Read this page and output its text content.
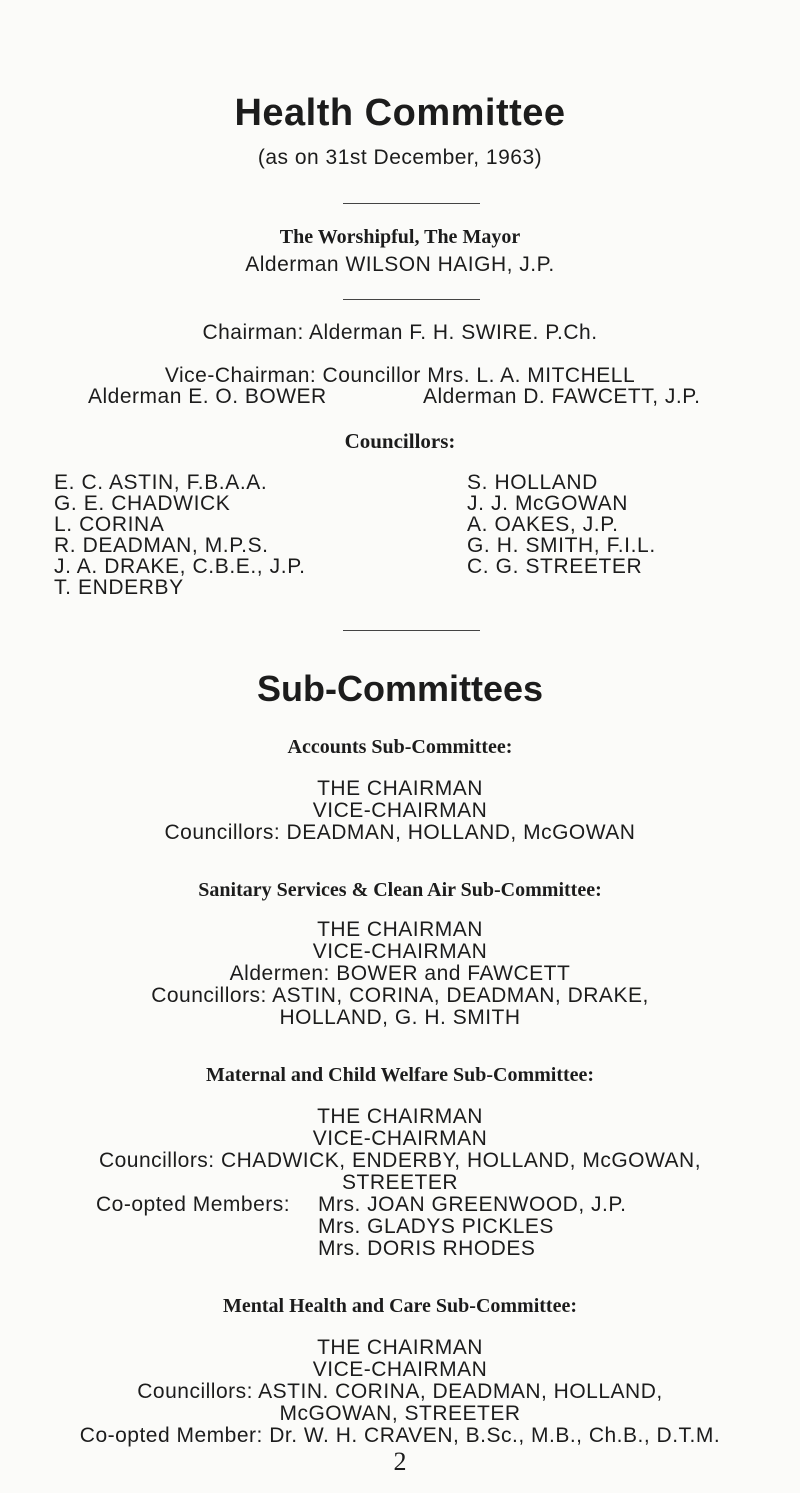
Health Committee
(as on 31st December, 1963)
The Worshipful, The Mayor
Alderman WILSON HAIGH, J.P.
Chairman: Alderman F. H. SWIRE. P.Ch.
Vice-Chairman: Councillor Mrs. L. A. MITCHELL
Alderman E. O. BOWER	Alderman D. FAWCETT, J.P.
Councillors:
E. C. ASTIN, F.B.A.A.
G. E. CHADWICK
L. CORINA
R. DEADMAN, M.P.S.
J. A. DRAKE, C.B.E., J.P.
T. ENDERBY
S. HOLLAND
J. J. McGOWAN
A. OAKES, J.P.
G. H. SMITH, F.I.L.
C. G. STREETER
Sub-Committees
Accounts Sub-Committee:
THE CHAIRMAN
VICE-CHAIRMAN
Councillors: DEADMAN, HOLLAND, McGOWAN
Sanitary Services & Clean Air Sub-Committee:
THE CHAIRMAN
VICE-CHAIRMAN
Aldermen: BOWER and FAWCETT
Councillors: ASTIN, CORINA, DEADMAN, DRAKE,
HOLLAND, G. H. SMITH
Maternal and Child Welfare Sub-Committee:
THE CHAIRMAN
VICE-CHAIRMAN
Councillors: CHADWICK, ENDERBY, HOLLAND, McGOWAN,
STREETER
Co-opted Members: Mrs. JOAN GREENWOOD, J.P.
Mrs. GLADYS PICKLES
Mrs. DORIS RHODES
Mental Health and Care Sub-Committee:
THE CHAIRMAN
VICE-CHAIRMAN
Councillors: ASTIN. CORINA, DEADMAN, HOLLAND,
McGOWAN, STREETER
Co-opted Member: Dr. W. H. CRAVEN, B.Sc., M.B., Ch.B., D.T.M.
2
